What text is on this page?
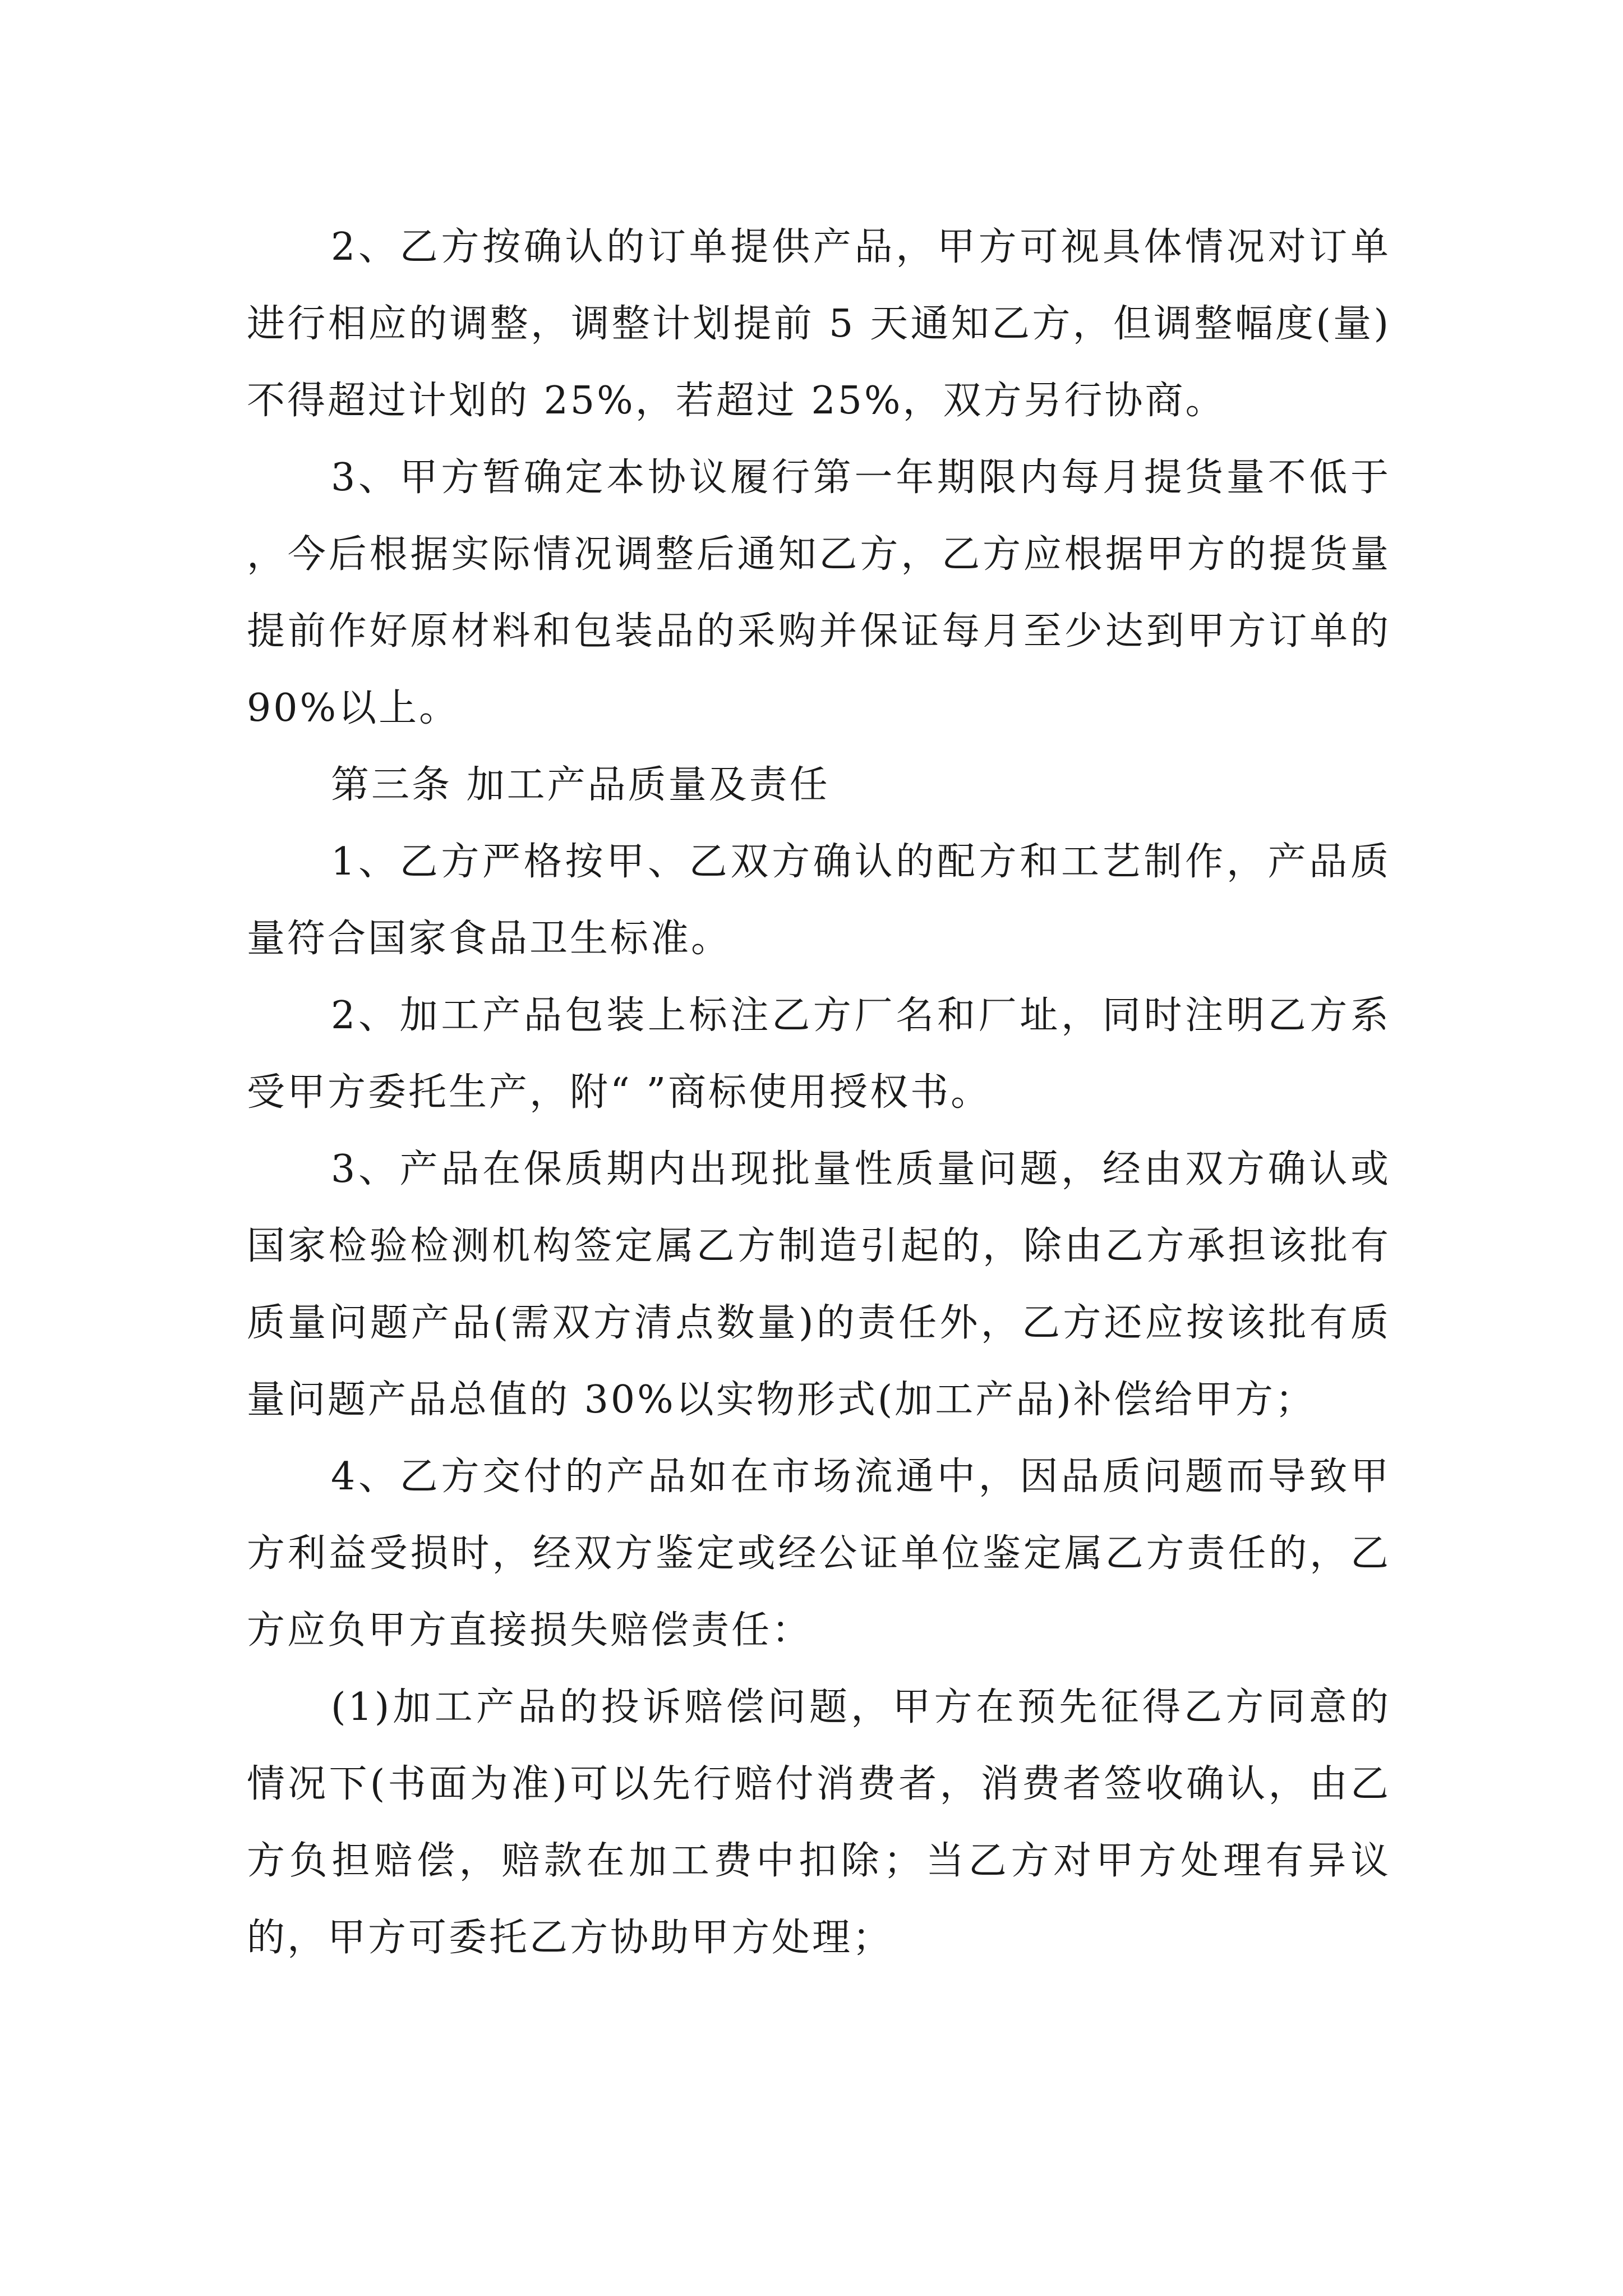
2、乙方按确认的订单提供产品，甲方可视具体情况对订单进行相应的调整，调整计划提前 5 天通知乙方，但调整幅度(量)不得超过计划的 25%，若超过 25%，双方另行协商。

3、甲方暂确定本协议履行第一年期限内每月提货量不低于 ，今后根据实际情况调整后通知乙方，乙方应根据甲方的提货量提前作好原材料和包装品的采购并保证每月至少达到甲方订单的 90%以上。

第三条 加工产品质量及责任

1、乙方严格按甲、乙双方确认的配方和工艺制作，产品质量符合国家食品卫生标准。

2、加工产品包装上标注乙方厂名和厂址，同时注明乙方系受甲方委托生产，附“ ”商标使用授权书。

3、产品在保质期内出现批量性质量问题，经由双方确认或国家检验检测机构签定属乙方制造引起的，除由乙方承担该批有质量问题产品(需双方清点数量)的责任外，乙方还应按该批有质量问题产品总值的 30%以实物形式(加工产品)补偿给甲方；

4、乙方交付的产品如在市场流通中，因品质问题而导致甲方利益受损时，经双方鉴定或经公证单位鉴定属乙方责任的，乙方应负甲方直接损失赔偿责任：

(1)加工产品的投诉赔偿问题，甲方在预先征得乙方同意的情况下(书面为准)可以先行赔付消费者，消费者签收确认，由乙方负担赔偿，赔款在加工费中扣除；当乙方对甲方处理有异议的，甲方可委托乙方协助甲方处理；
